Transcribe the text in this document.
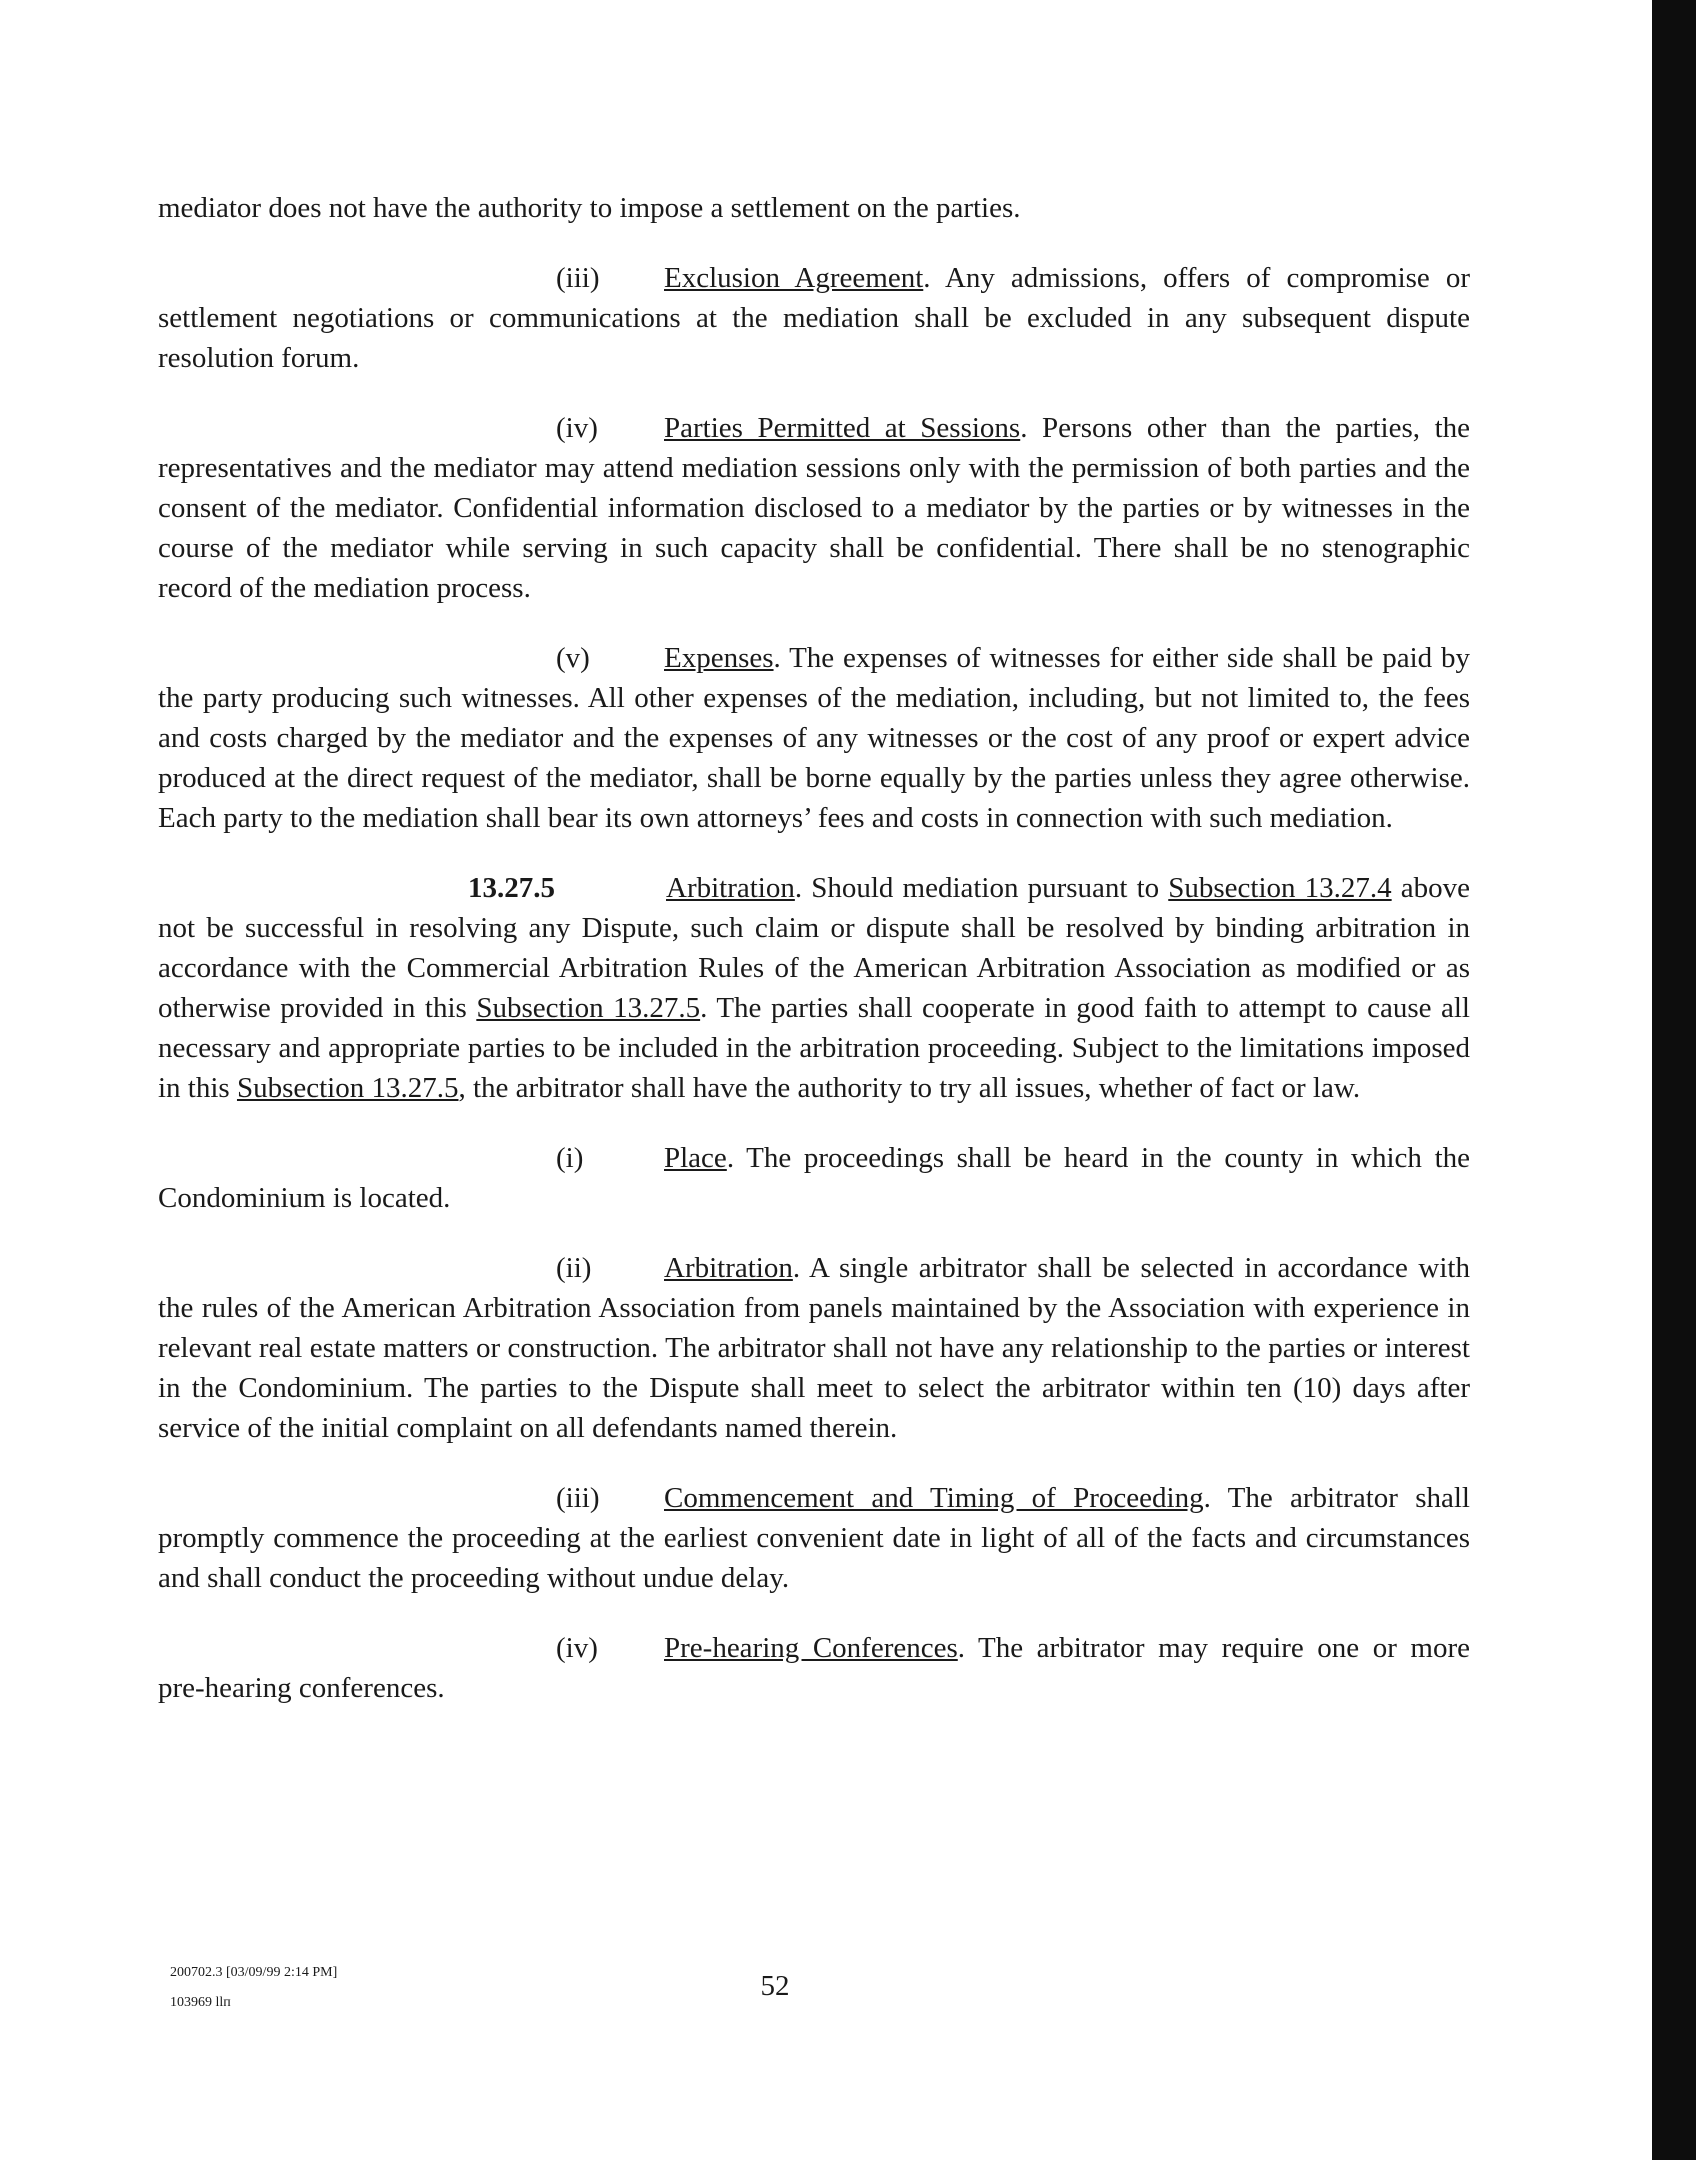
mediator does not have the authority to impose a settlement on the parties.

(iii) Exclusion Agreement. Any admissions, offers of compromise or settlement negotiations or communications at the mediation shall be excluded in any subsequent dispute resolution forum.

(iv) Parties Permitted at Sessions. Persons other than the parties, the representatives and the mediator may attend mediation sessions only with the permission of both parties and the consent of the mediator. Confidential information disclosed to a mediator by the parties or by witnesses in the course of the mediator while serving in such capacity shall be confidential. There shall be no stenographic record of the mediation process.

(v)	Expenses. The expenses of witnesses for either side shall be paid by the party producing such witnesses. All other expenses of the mediation, including, but not limited to, the fees and costs charged by the mediator and the expenses of any witnesses or the cost of any proof or expert advice produced at the direct request of the mediator, shall be borne equally by the parties unless they agree otherwise. Each party to the mediation shall bear its own attorneys’ fees and costs in connection with such mediation.

13.27.5	Arbitration. Should mediation pursuant to Subsection 13.27.4 above not be successful in resolving any Dispute, such claim or dispute shall be resolved by binding arbitration in accordance with the Commercial Arbitration Rules of the American Arbitration Association as modified or as otherwise provided in this Subsection 13.27.5. The parties shall cooperate in good faith to attempt to cause all necessary and appropriate parties to be included in the arbitration proceeding. Subject to the limitations imposed in this Subsection 13.27.5, the arbitrator shall have the authority to try all issues, whether of fact or law.

(i)	Place. The proceedings shall be heard in the county in which the Condominium is located.

(ii)	Arbitration. A single arbitrator shall be selected in accordance with the rules of the American Arbitration Association from panels maintained by the Association with experience in relevant real estate matters or construction. The arbitrator shall not have any relationship to the parties or interest in the Condominium. The parties to the Dispute shall meet to select the arbitrator within ten (10) days after service of the initial complaint on all defendants named therein.

(iii) Commencement and Timing of Proceeding. The arbitrator shall promptly commence the proceeding at the earliest convenient date in light of all of the facts and circumstances and shall conduct the proceeding without undue delay.

(iv) Pre-hearing Conferences. The arbitrator may require one or more pre-hearing conferences.

200702.3 [03/09/99 2:14 PM]
103969 llп
52
